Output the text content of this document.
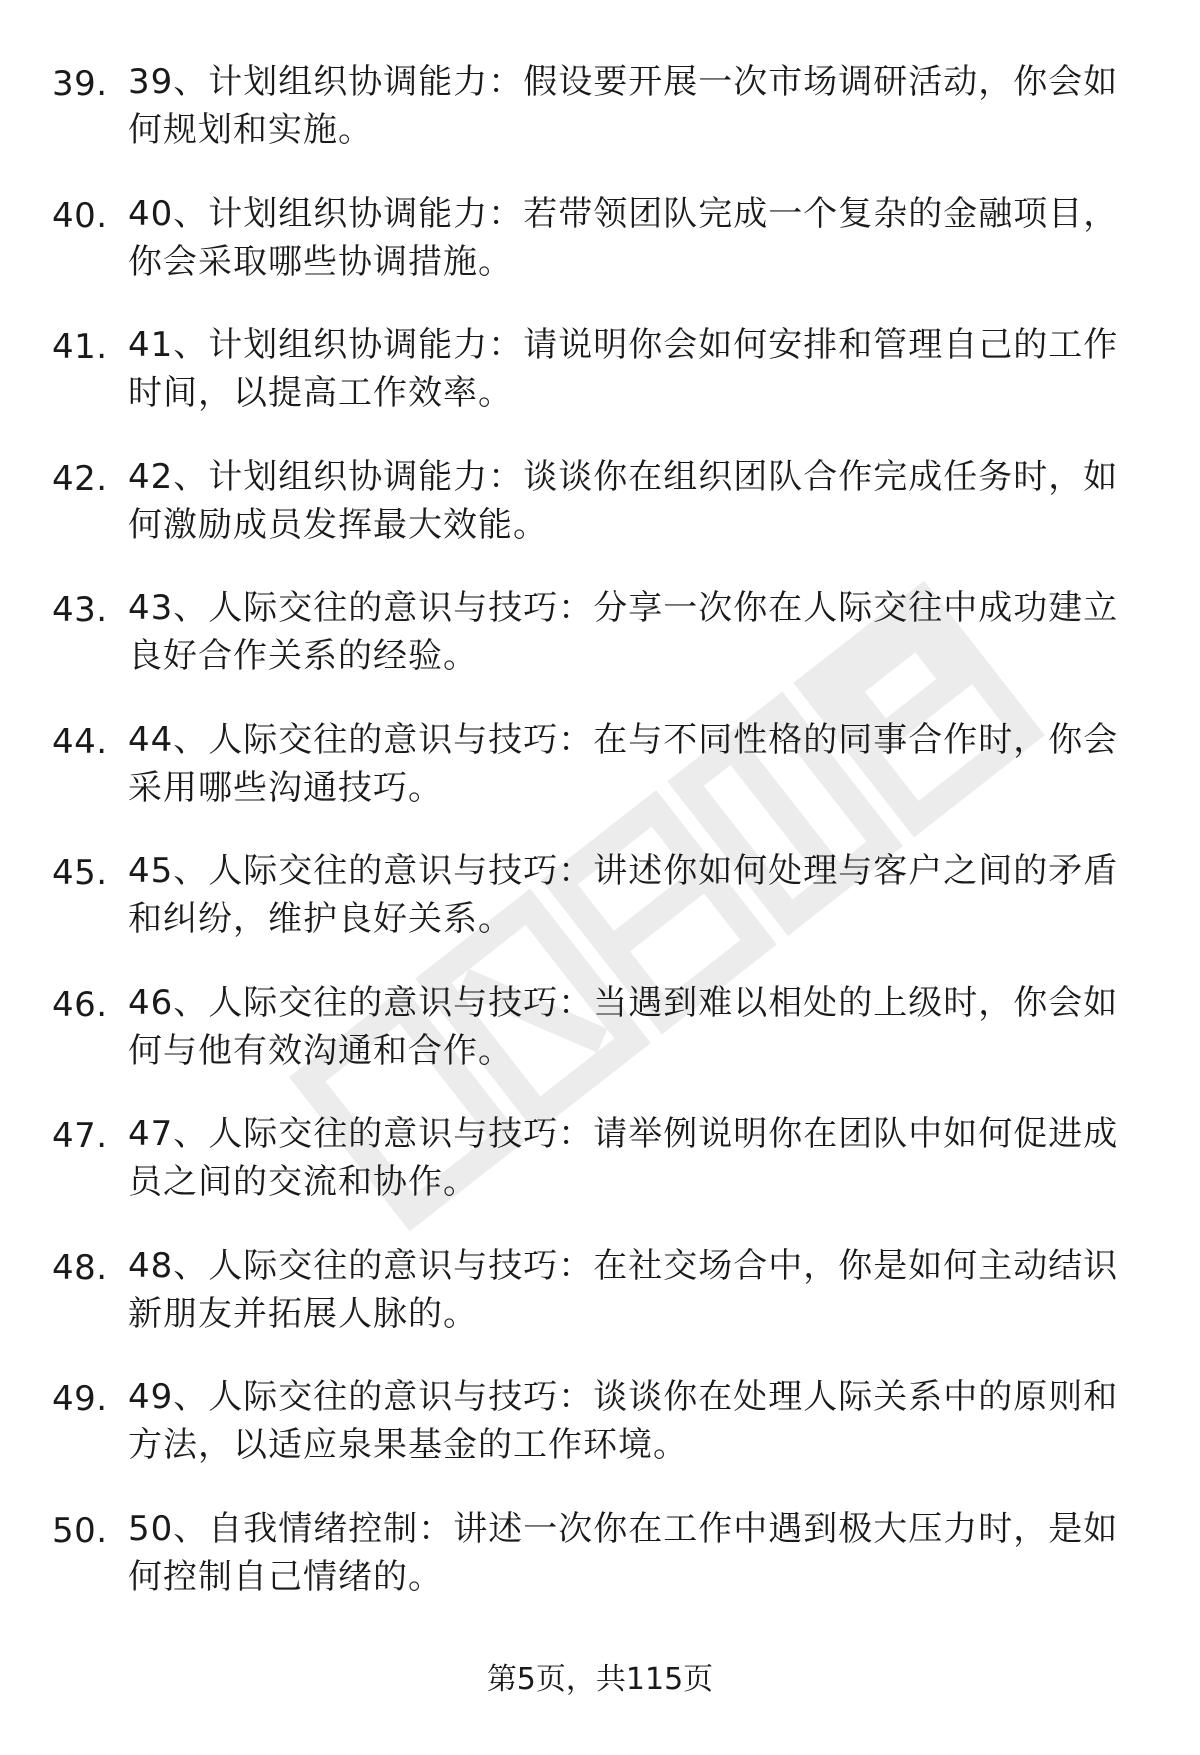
39. 39、计划组织协调能力：假设要开展一次市场调研活动，你会如何规划和实施。
40. 40、计划组织协调能力：若带领团队完成一个复杂的金融项目，你会采取哪些协调措施。
41. 41、计划组织协调能力：请说明你会如何安排和管理自己的工作时间，以提高工作效率。
42. 42、计划组织协调能力：谈谈你在组织团队合作完成任务时，如何激励成员发挥最大效能。
43. 43、人际交往的意识与技巧：分享一次你在人际交往中成功建立良好合作关系的经验。
44. 44、人际交往的意识与技巧：在与不同性格的同事合作时，你会采用哪些沟通技巧。
45. 45、人际交往的意识与技巧：讲述你如何处理与客户之间的矛盾和纠纷，维护良好关系。
46. 46、人际交往的意识与技巧：当遇到难以相处的上级时，你会如何与他有效沟通和合作。
47. 47、人际交往的意识与技巧：请举例说明你在团队中如何促进成员之间的交流和协作。
48. 48、人际交往的意识与技巧：在社交场合中，你是如何主动结识新朋友并拓展人脉的。
49. 49、人际交往的意识与技巧：谈谈你在处理人际关系中的原则和方法，以适应泉果基金的工作环境。
50. 50、自我情绪控制：讲述一次你在工作中遇到极大压力时，是如何控制自己情绪的。
第5页，共115页
